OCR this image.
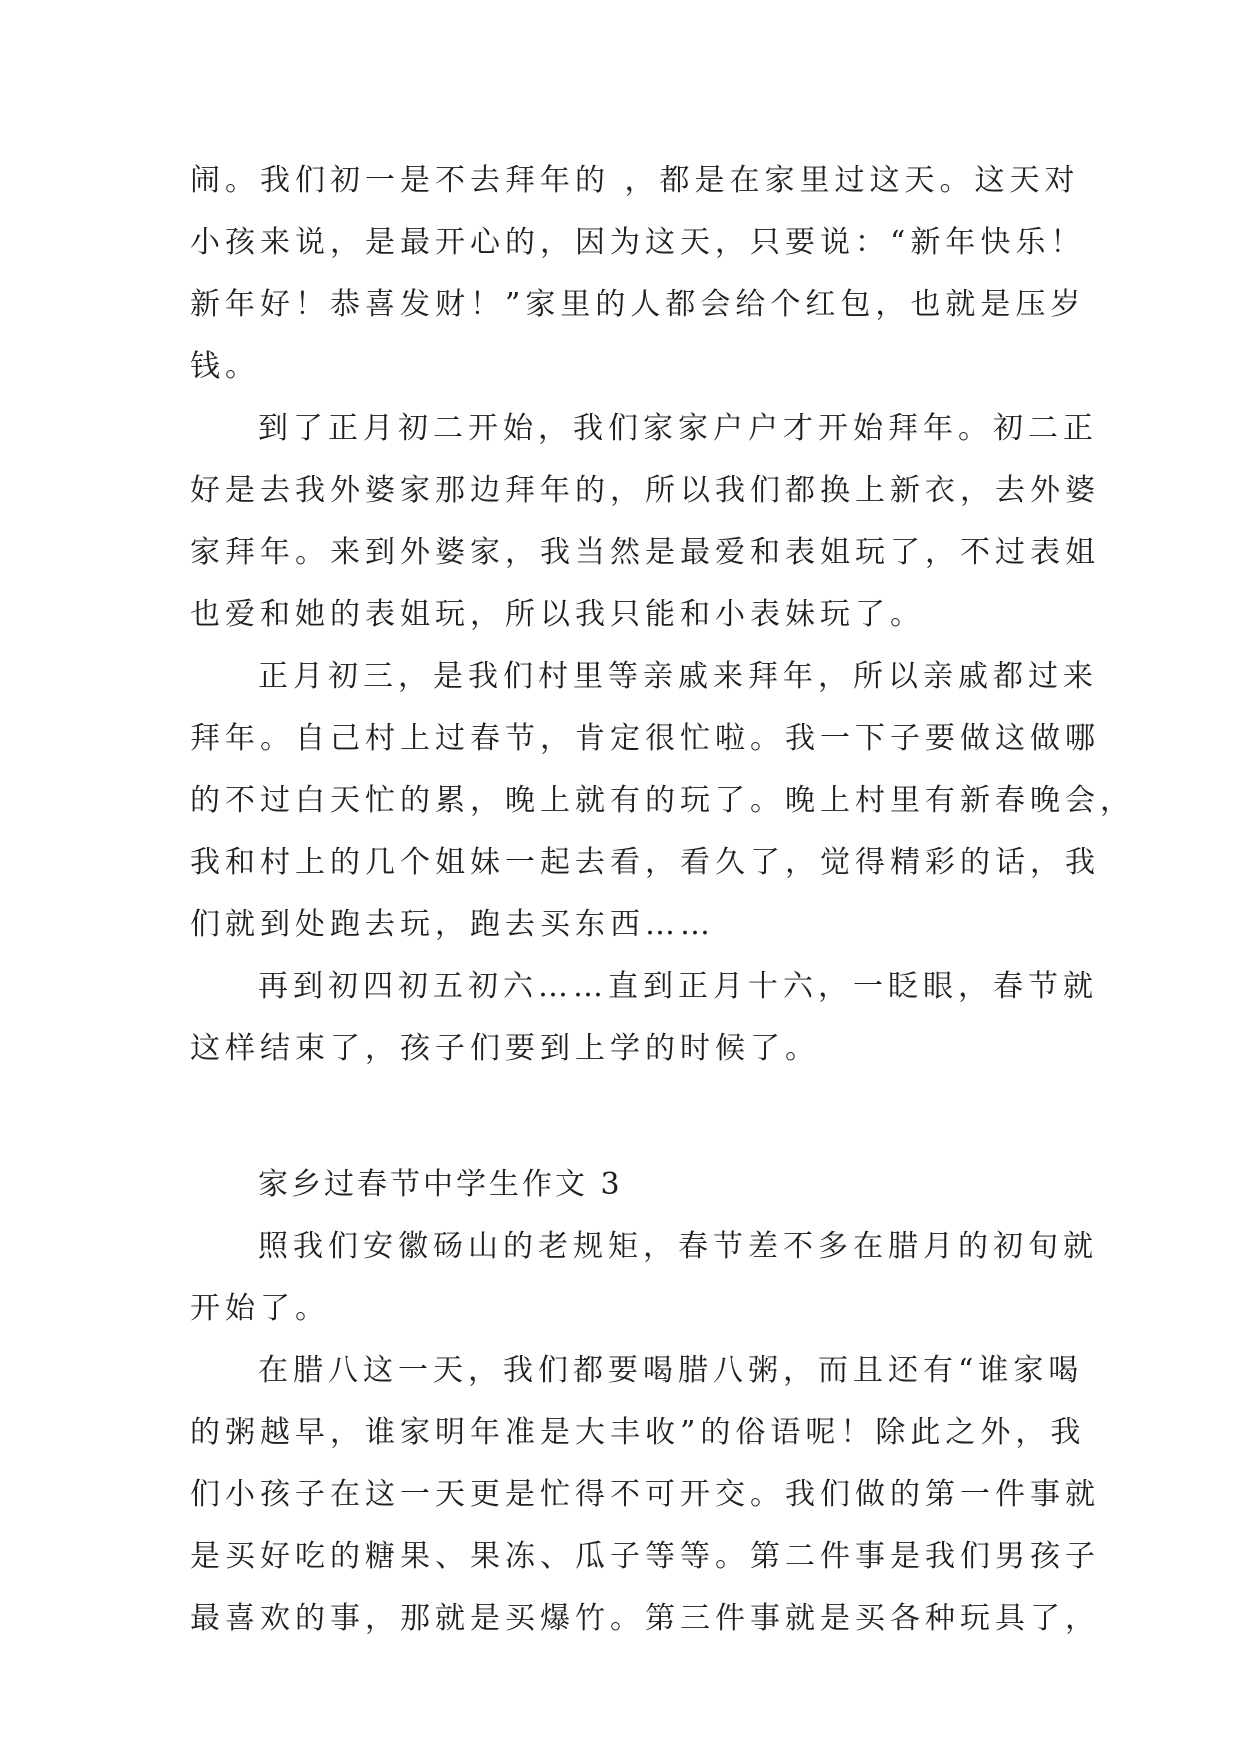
闹。我们初一是不去拜年的 ，都是在家里过这天。这天对
小孩来说，是最开心的，因为这天，只要说：“新年快乐！
新年好！恭喜发财！”家里的人都会给个红包，也就是压岁
钱。
到了正月初二开始，我们家家户户才开始拜年。初二正
好是去我外婆家那边拜年的，所以我们都换上新衣，去外婆
家拜年。来到外婆家，我当然是最爱和表姐玩了，不过表姐
也爱和她的表姐玩，所以我只能和小表妹玩了。
正月初三，是我们村里等亲戚来拜年，所以亲戚都过来
拜年。自己村上过春节，肯定很忙啦。我一下子要做这做哪
的不过白天忙的累，晚上就有的玩了。晚上村里有新春晚会，
我和村上的几个姐妹一起去看，看久了，觉得精彩的话，我
们就到处跑去玩，跑去买东西……
再到初四初五初六……直到正月十六，一眨眼，春节就
这样结束了，孩子们要到上学的时候了。
家乡过春节中学生作文 3
照我们安徽砀山的老规矩，春节差不多在腊月的初旬就
开始了。
在腊八这一天，我们都要喝腊八粥，而且还有“谁家喝
的粥越早，谁家明年准是大丰收”的俗语呢！除此之外，我
们小孩子在这一天更是忙得不可开交。我们做的第一件事就
是买好吃的糖果、果冻、瓜子等等。第二件事是我们男孩子
最喜欢的事，那就是买爆竹。第三件事就是买各种玩具了，
